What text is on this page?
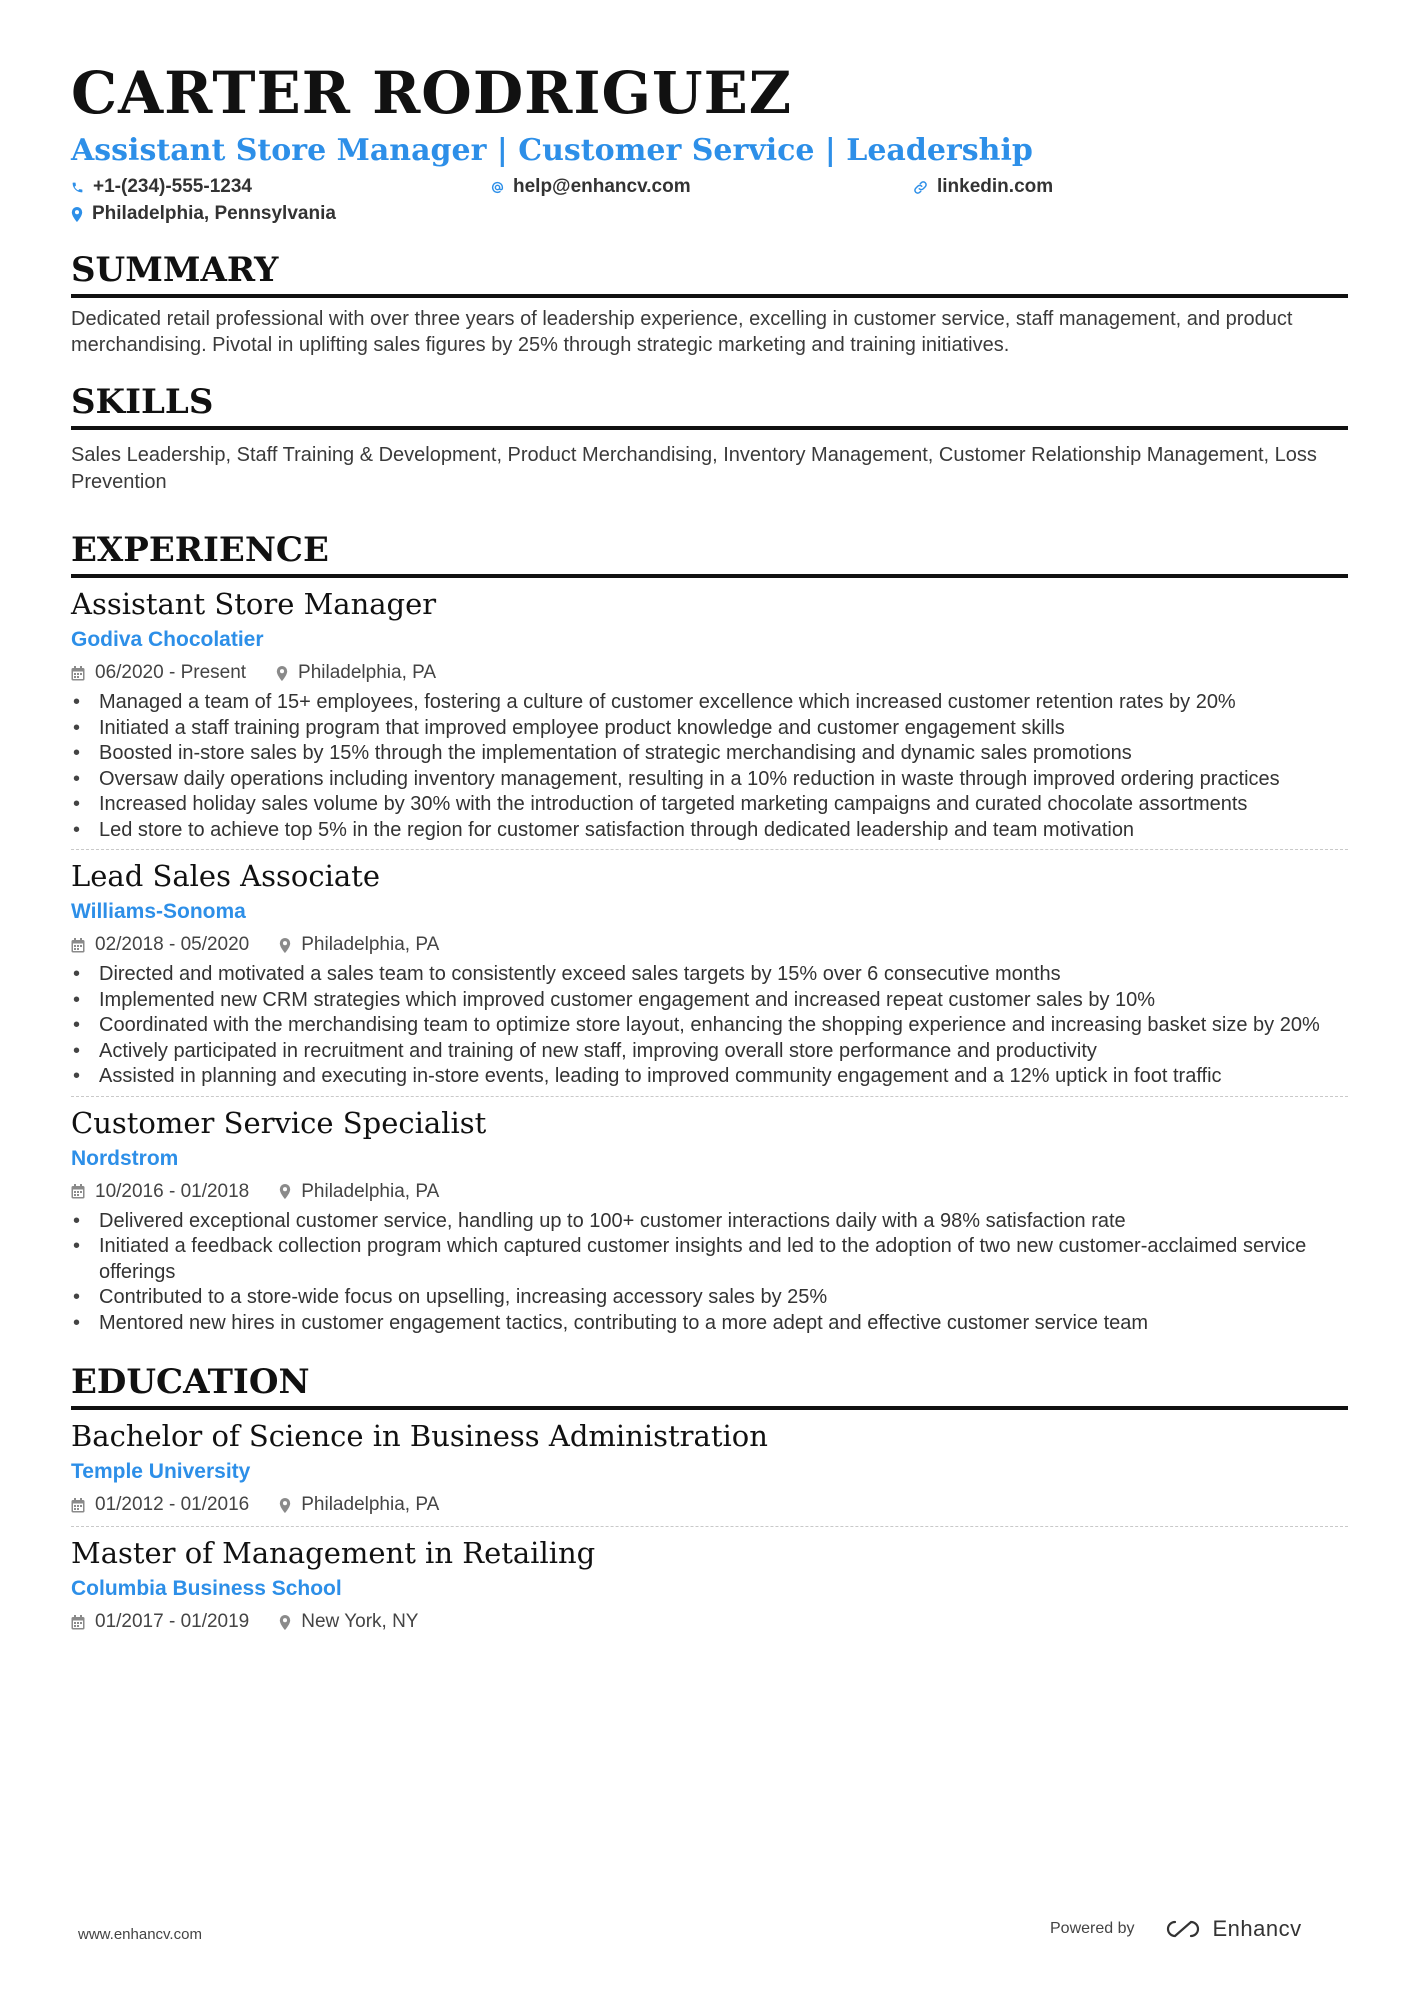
CARTER RODRIGUEZ
Assistant Store Manager | Customer Service | Leadership
+1-(234)-555-1234	help@enhancv.com	linkedin.com
Philadelphia, Pennsylvania
SUMMARY
Dedicated retail professional with over three years of leadership experience, excelling in customer service, staff management, and product merchandising. Pivotal in uplifting sales figures by 25% through strategic marketing and training initiatives.
SKILLS
Sales Leadership, Staff Training & Development, Product Merchandising, Inventory Management, Customer Relationship Management, Loss Prevention
EXPERIENCE
Assistant Store Manager
Godiva Chocolatier
06/2020 - Present	Philadelphia, PA
• Managed a team of 15+ employees, fostering a culture of customer excellence which increased customer retention rates by 20%
• Initiated a staff training program that improved employee product knowledge and customer engagement skills
• Boosted in-store sales by 15% through the implementation of strategic merchandising and dynamic sales promotions
• Oversaw daily operations including inventory management, resulting in a 10% reduction in waste through improved ordering practices
• Increased holiday sales volume by 30% with the introduction of targeted marketing campaigns and curated chocolate assortments
• Led store to achieve top 5% in the region for customer satisfaction through dedicated leadership and team motivation
Lead Sales Associate
Williams-Sonoma
02/2018 - 05/2020	Philadelphia, PA
• Directed and motivated a sales team to consistently exceed sales targets by 15% over 6 consecutive months
• Implemented new CRM strategies which improved customer engagement and increased repeat customer sales by 10%
• Coordinated with the merchandising team to optimize store layout, enhancing the shopping experience and increasing basket size by 20%
• Actively participated in recruitment and training of new staff, improving overall store performance and productivity
• Assisted in planning and executing in-store events, leading to improved community engagement and a 12% uptick in foot traffic
Customer Service Specialist
Nordstrom
10/2016 - 01/2018	Philadelphia, PA
• Delivered exceptional customer service, handling up to 100+ customer interactions daily with a 98% satisfaction rate
• Initiated a feedback collection program which captured customer insights and led to the adoption of two new customer-acclaimed service offerings
• Contributed to a store-wide focus on upselling, increasing accessory sales by 25%
• Mentored new hires in customer engagement tactics, contributing to a more adept and effective customer service team
EDUCATION
Bachelor of Science in Business Administration
Temple University
01/2012 - 01/2016	Philadelphia, PA
Master of Management in Retailing
Columbia Business School
01/2017 - 01/2019	New York, NY
www.enhancv.com	Powered by	Enhancv
